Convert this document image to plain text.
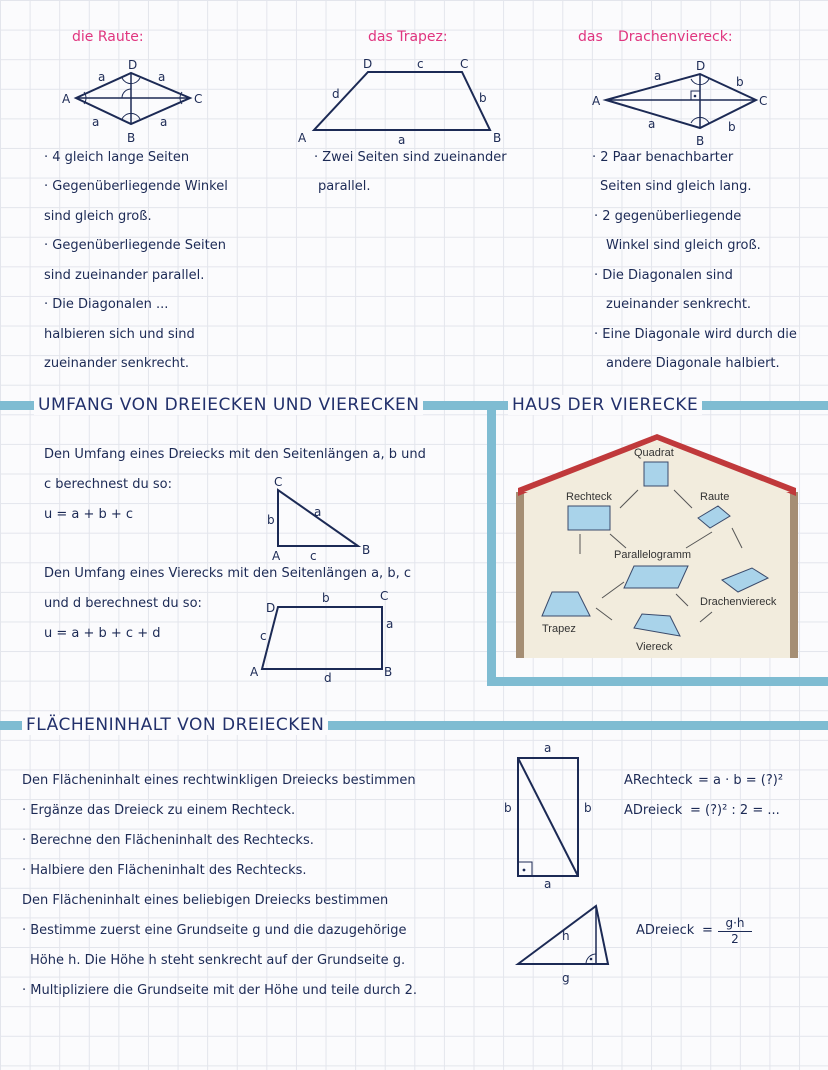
die Raute:
A
D
C
B
a	a
a	a
· 4 gleich lange Seiten
· Gegenüberliegende Winkel
sind gleich groß.
· Gegenüberliegende Seiten
sind zueinander parallel.
· Die Diagonalen ...
halbieren sich und sind
zueinander senkrecht.
das Trapez:
A	B
C
D
a
b
c
d
· Zwei Seiten sind zueinander
parallel.
das Drachenviereck:
A
D
C
B
a
a
b
b
· 2 Paar benachbarter
Seiten sind gleich lang.
· 2 gegenüberliegende
Winkel sind gleich groß.
· Die Diagonalen sind
zueinander senkrecht.
· Eine Diagonale wird durch die
andere Diagonale halbiert.
UMFANG VON DREIECKEN UND VIERECKEN
Den Umfang eines Dreiecks mit den Seitenlängen a, b und
c berechnest du so:
u = a + b + c
C
A	B
b
a
c
Den Umfang eines Vierecks mit den Seitenlängen a, b, c
und d berechnest du so:
u = a + b + c + d
A	B
C
D
a
b
c
d
HAUS DER VIERECKE
Quadrat
Rechteck	Raute
Parallelogramm
Drachenviereck
Trapez
Viereck
FLÄCHENINHALT VON DREIECKEN
Den Flächeninhalt eines rechtwinkligen Dreiecks bestimmen
· Ergänze das Dreieck zu einem Rechteck.
· Berechne den Flächeninhalt des Rechtecks.
· Halbiere den Flächeninhalt des Rechtecks.
Den Flächeninhalt eines beliebigen Dreiecks bestimmen
· Bestimme zuerst eine Grundseite g und die dazugehörige
Höhe h. Die Höhe h steht senkrecht auf der Grundseite g.
· Multipliziere die Grundseite mit der Höhe und teile durch 2.
a
a
b	b
h
g
ARechteck = a · b = (?)²
ADreieck = (?)² : 2 = ...
ADreieck = $\frac{g\cdot h}{2}$
